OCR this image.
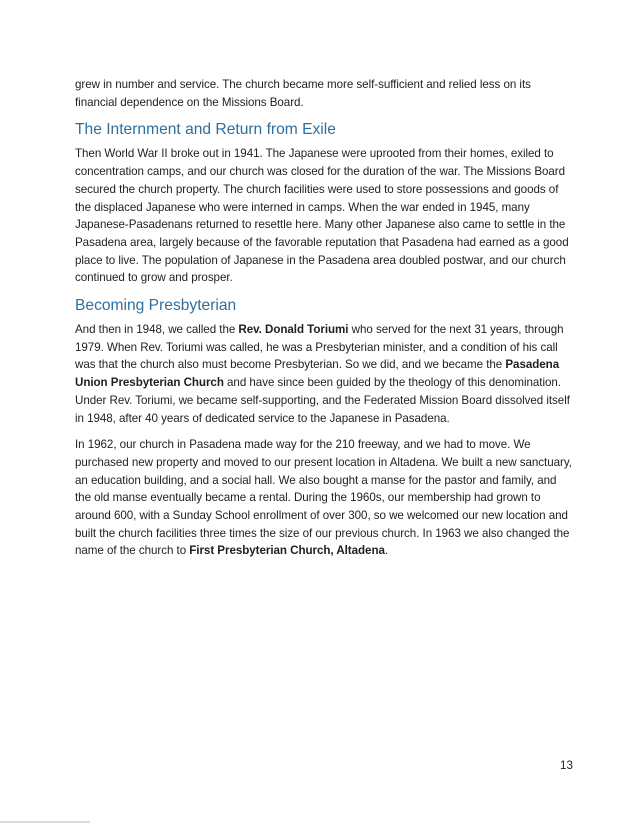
grew in number and service. The church became more self-sufficient and relied less on its financial dependence on the Missions Board.

The Internment and Return from Exile

Then World War II broke out in 1941. The Japanese were uprooted from their homes, exiled to concentration camps, and our church was closed for the duration of the war. The Missions Board secured the church property. The church facilities were used to store possessions and goods of the displaced Japanese who were interned in camps. When the war ended in 1945, many Japanese-Pasadenans returned to resettle here. Many other Japanese also came to settle in the Pasadena area, largely because of the favorable reputation that Pasadena had earned as a good place to live. The population of Japanese in the Pasadena area doubled postwar, and our church continued to grow and prosper.

Becoming Presbyterian

And then in 1948, we called the Rev. Donald Toriumi who served for the next 31 years, through 1979. When Rev. Toriumi was called, he was a Presbyterian minister, and a condition of his call was that the church also must become Presbyterian. So we did, and we became the Pasadena Union Presbyterian Church and have since been guided by the theology of this denomination. Under Rev. Toriumi, we became self-supporting, and the Federated Mission Board dissolved itself in 1948, after 40 years of dedicated service to the Japanese in Pasadena.

In 1962, our church in Pasadena made way for the 210 freeway, and we had to move. We purchased new property and moved to our present location in Altadena. We built a new sanctuary, an education building, and a social hall. We also bought a manse for the pastor and family, and the old manse eventually became a rental. During the 1960s, our membership had grown to around 600, with a Sunday School enrollment of over 300, so we welcomed our new location and built the church facilities three times the size of our previous church. In 1963 we also changed the name of the church to First Presbyterian Church, Altadena.

13
